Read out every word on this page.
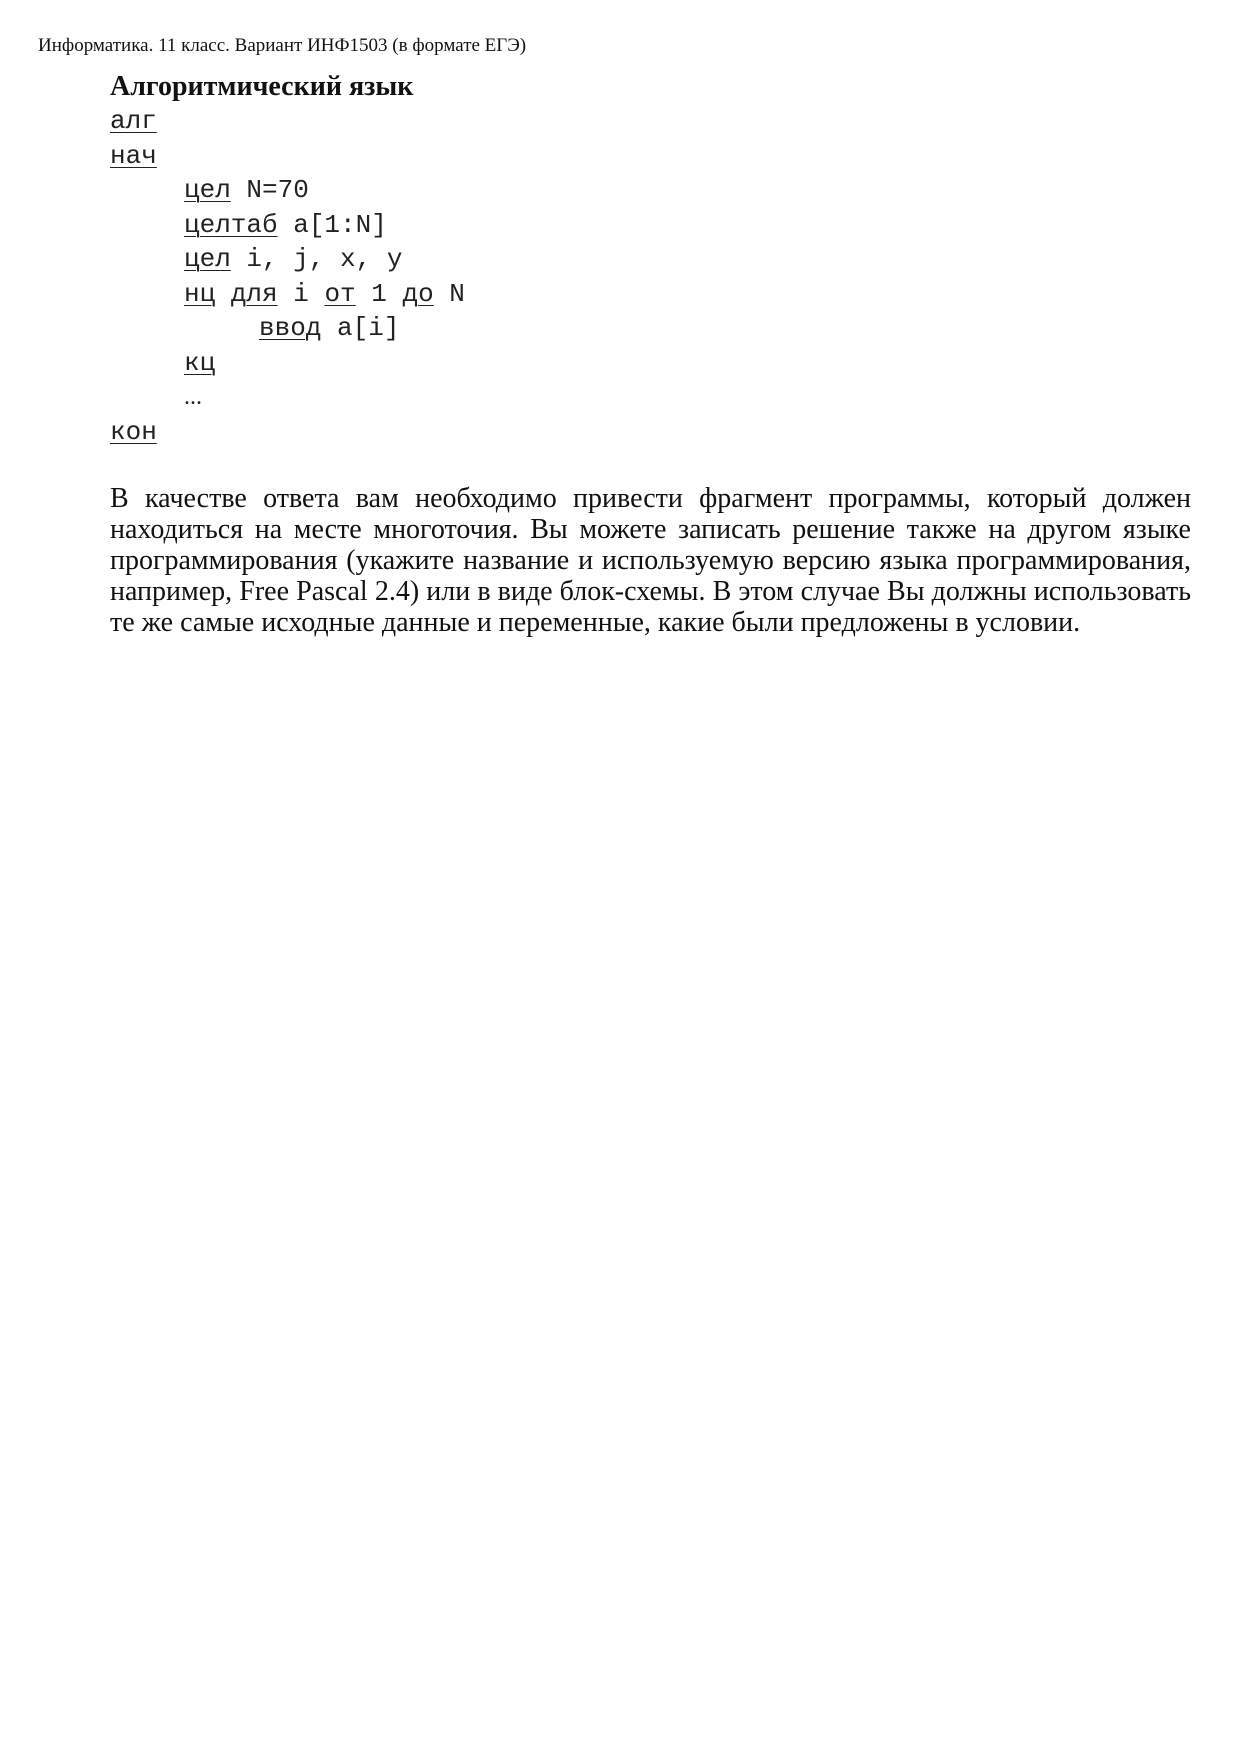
Информатика. 11 класс. Вариант ИНФ1503 (в формате ЕГЭ)
Алгоритмический язык
алг
нач
цел N=70
целтаб a[1:N]
цел i, j, x, y
нц для i от 1 до N
ввод a[i]
кц
...
кон
В качестве ответа вам необходимо привести фрагмент программы, который должен находиться на месте многоточия. Вы можете записать решение также на другом языке программирования (укажите название и используемую версию языка программирования, например, Free Pascal 2.4) или в виде блок-схемы. В этом случае Вы должны использовать те же самые исходные данные и переменные, какие были предложены в условии.
